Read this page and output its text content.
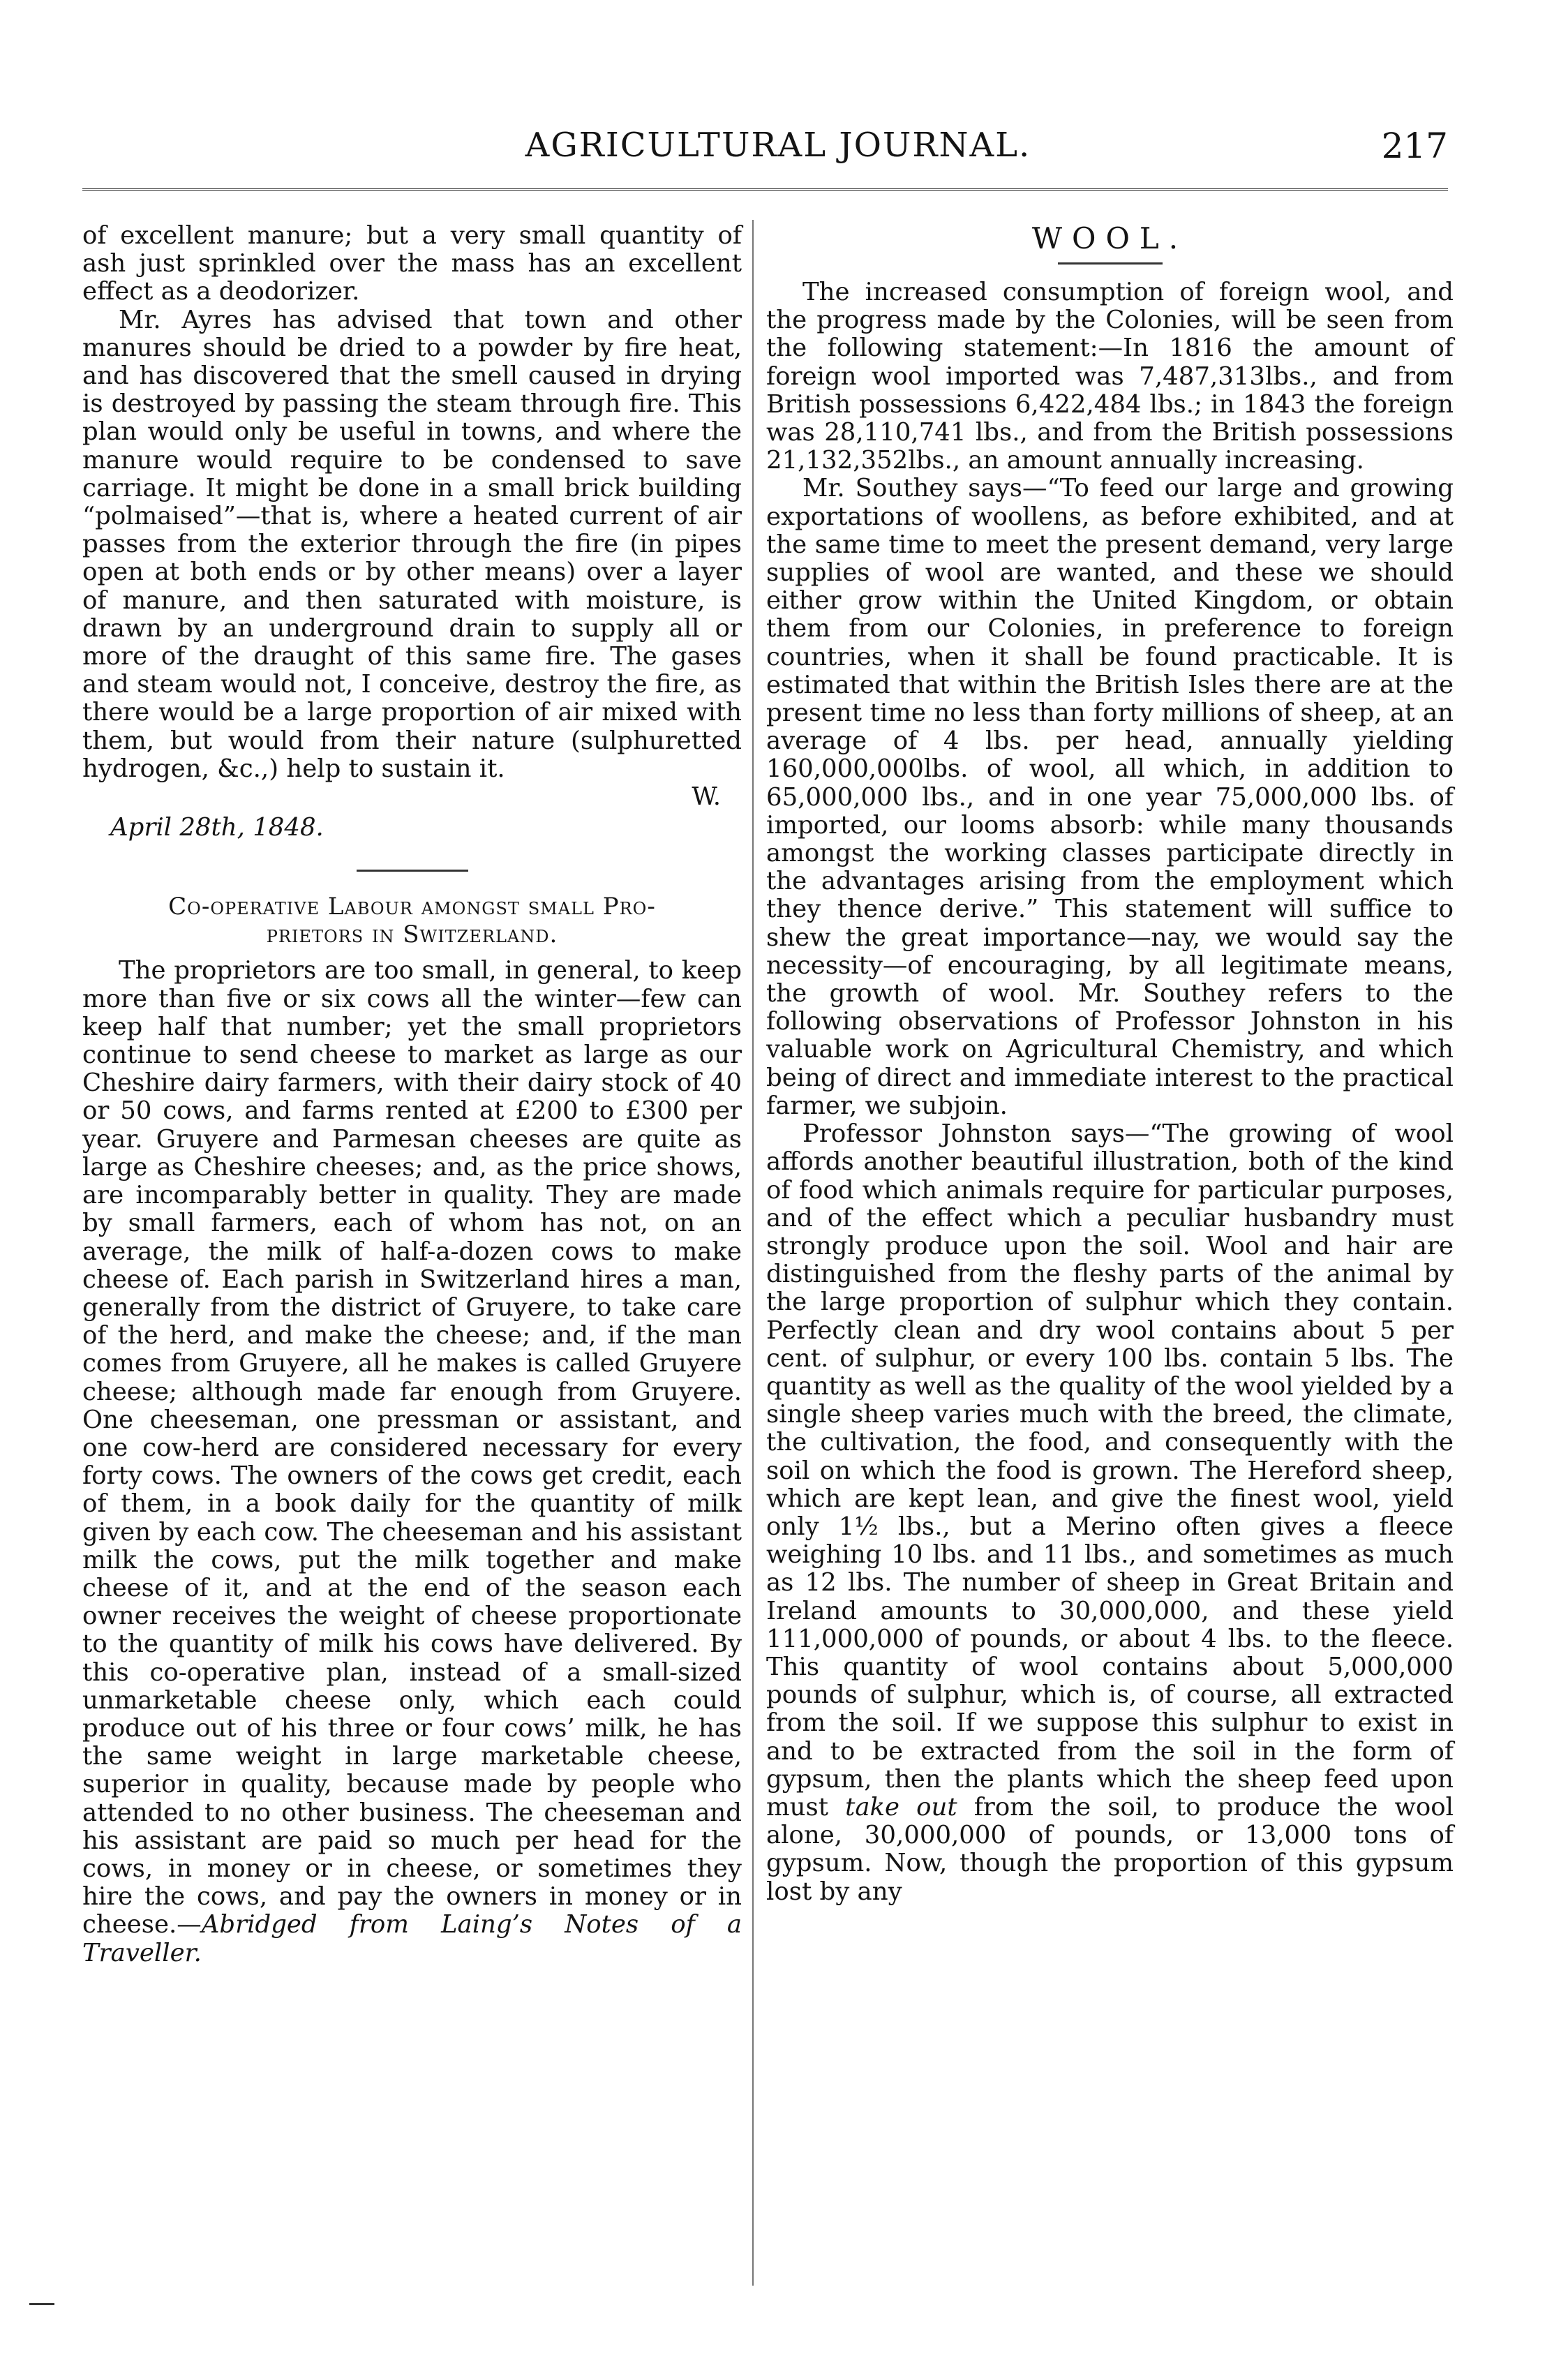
AGRICULTURAL JOURNAL.	217

of excellent manure; but a very small quantity of ash just sprinkled over the mass has an excellent effect as a deodorizer.

Mr. Ayres has advised that town and other manures should be dried to a powder by fire heat, and has discovered that the smell caused in drying is destroyed by passing the steam through fire. This plan would only be useful in towns, and where the manure would require to be condensed to save carriage. It might be done in a small brick building “polmaised”—that is, where a heated current of air passes from the exterior through the fire (in pipes open at both ends or by other means) over a layer of manure, and then saturated with moisture, is drawn by an underground drain to supply all or more of the draught of this same fire. The gases and steam would not, I conceive, destroy the fire, as there would be a large proportion of air mixed with them, but would from their nature (sulphuretted hydrogen, &c.,) help to sustain it.

W.

April 28th, 1848.

Co-operative Labour amongst small Pro-
prietors in Switzerland.

The proprietors are too small, in general, to keep more than five or six cows all the winter—few can keep half that number; yet the small proprietors continue to send cheese to market as large as our Cheshire dairy farmers, with their dairy stock of 40 or 50 cows, and farms rented at £200 to £300 per year. Gruyere and Parmesan cheeses are quite as large as Cheshire cheeses; and, as the price shows, are incomparably better in quality. They are made by small farmers, each of whom has not, on an average, the milk of half-a-dozen cows to make cheese of. Each parish in Switzerland hires a man, generally from the district of Gruyere, to take care of the herd, and make the cheese; and, if the man comes from Gruyere, all he makes is called Gruyere cheese; although made far enough from Gruyere. One cheeseman, one pressman or assistant, and one cow-herd are considered necessary for every forty cows. The owners of the cows get credit, each of them, in a book daily for the quantity of milk given by each cow. The cheeseman and his assistant milk the cows, put the milk together and make cheese of it, and at the end of the season each owner receives the weight of cheese proportionate to the quantity of milk his cows have delivered. By this co-operative plan, instead of a small-sized unmarketable cheese only, which each could produce out of his three or four cows’ milk, he has the same weight in large marketable cheese, superior in quality, because made by people who attended to no other business. The cheeseman and his assistant are paid so much per head for the cows, in money or in cheese, or sometimes they hire the cows, and pay the owners in money or in cheese.—Abridged from Laing’s Notes of a Traveller.

WOOL.

The increased consumption of foreign wool, and the progress made by the Colonies, will be seen from the following statement:—In 1816 the amount of foreign wool imported was 7,487,313lbs., and from British possessions 6,422,484 lbs.; in 1843 the foreign was 28,110,741 lbs., and from the British possessions 21,132,352lbs., an amount annually increasing.

Mr. Southey says—“To feed our large and growing exportations of woollens, as before exhibited, and at the same time to meet the present demand, very large supplies of wool are wanted, and these we should either grow within the United Kingdom, or obtain them from our Colonies, in preference to foreign countries, when it shall be found practicable. It is estimated that within the British Isles there are at the present time no less than forty millions of sheep, at an average of 4 lbs. per head, annually yielding 160,000,000lbs. of wool, all which, in addition to 65,000,000 lbs., and in one year 75,000,000 lbs. of imported, our looms absorb: while many thousands amongst the working classes participate directly in the advantages arising from the employment which they thence derive.” This statement will suffice to shew the great importance—nay, we would say the necessity—of encouraging, by all legitimate means, the growth of wool. Mr. Southey refers to the following observations of Professor Johnston in his valuable work on Agricultural Chemistry, and which being of direct and immediate interest to the practical farmer, we subjoin.

Professor Johnston says—“The growing of wool affords another beautiful illustration, both of the kind of food which animals require for particular purposes, and of the effect which a peculiar husbandry must strongly produce upon the soil. Wool and hair are distinguished from the fleshy parts of the animal by the large proportion of sulphur which they contain. Perfectly clean and dry wool contains about 5 per cent. of sulphur, or every 100 lbs. contain 5 lbs. The quantity as well as the quality of the wool yielded by a single sheep varies much with the breed, the climate, the cultivation, the food, and consequently with the soil on which the food is grown. The Hereford sheep, which are kept lean, and give the finest wool, yield only 1½ lbs., but a Merino often gives a fleece weighing 10 lbs. and 11 lbs., and sometimes as much as 12 lbs. The number of sheep in Great Britain and Ireland amounts to 30,000,000, and these yield 111,000,000 of pounds, or about 4 lbs. to the fleece. This quantity of wool contains about 5,000,000 pounds of sulphur, which is, of course, all extracted from the soil. If we suppose this sulphur to exist in and to be extracted from the soil in the form of gypsum, then the plants which the sheep feed upon must take out from the soil, to produce the wool alone, 30,000,000 of pounds, or 13,000 tons of gypsum. Now, though the proportion of this gypsum lost by any
